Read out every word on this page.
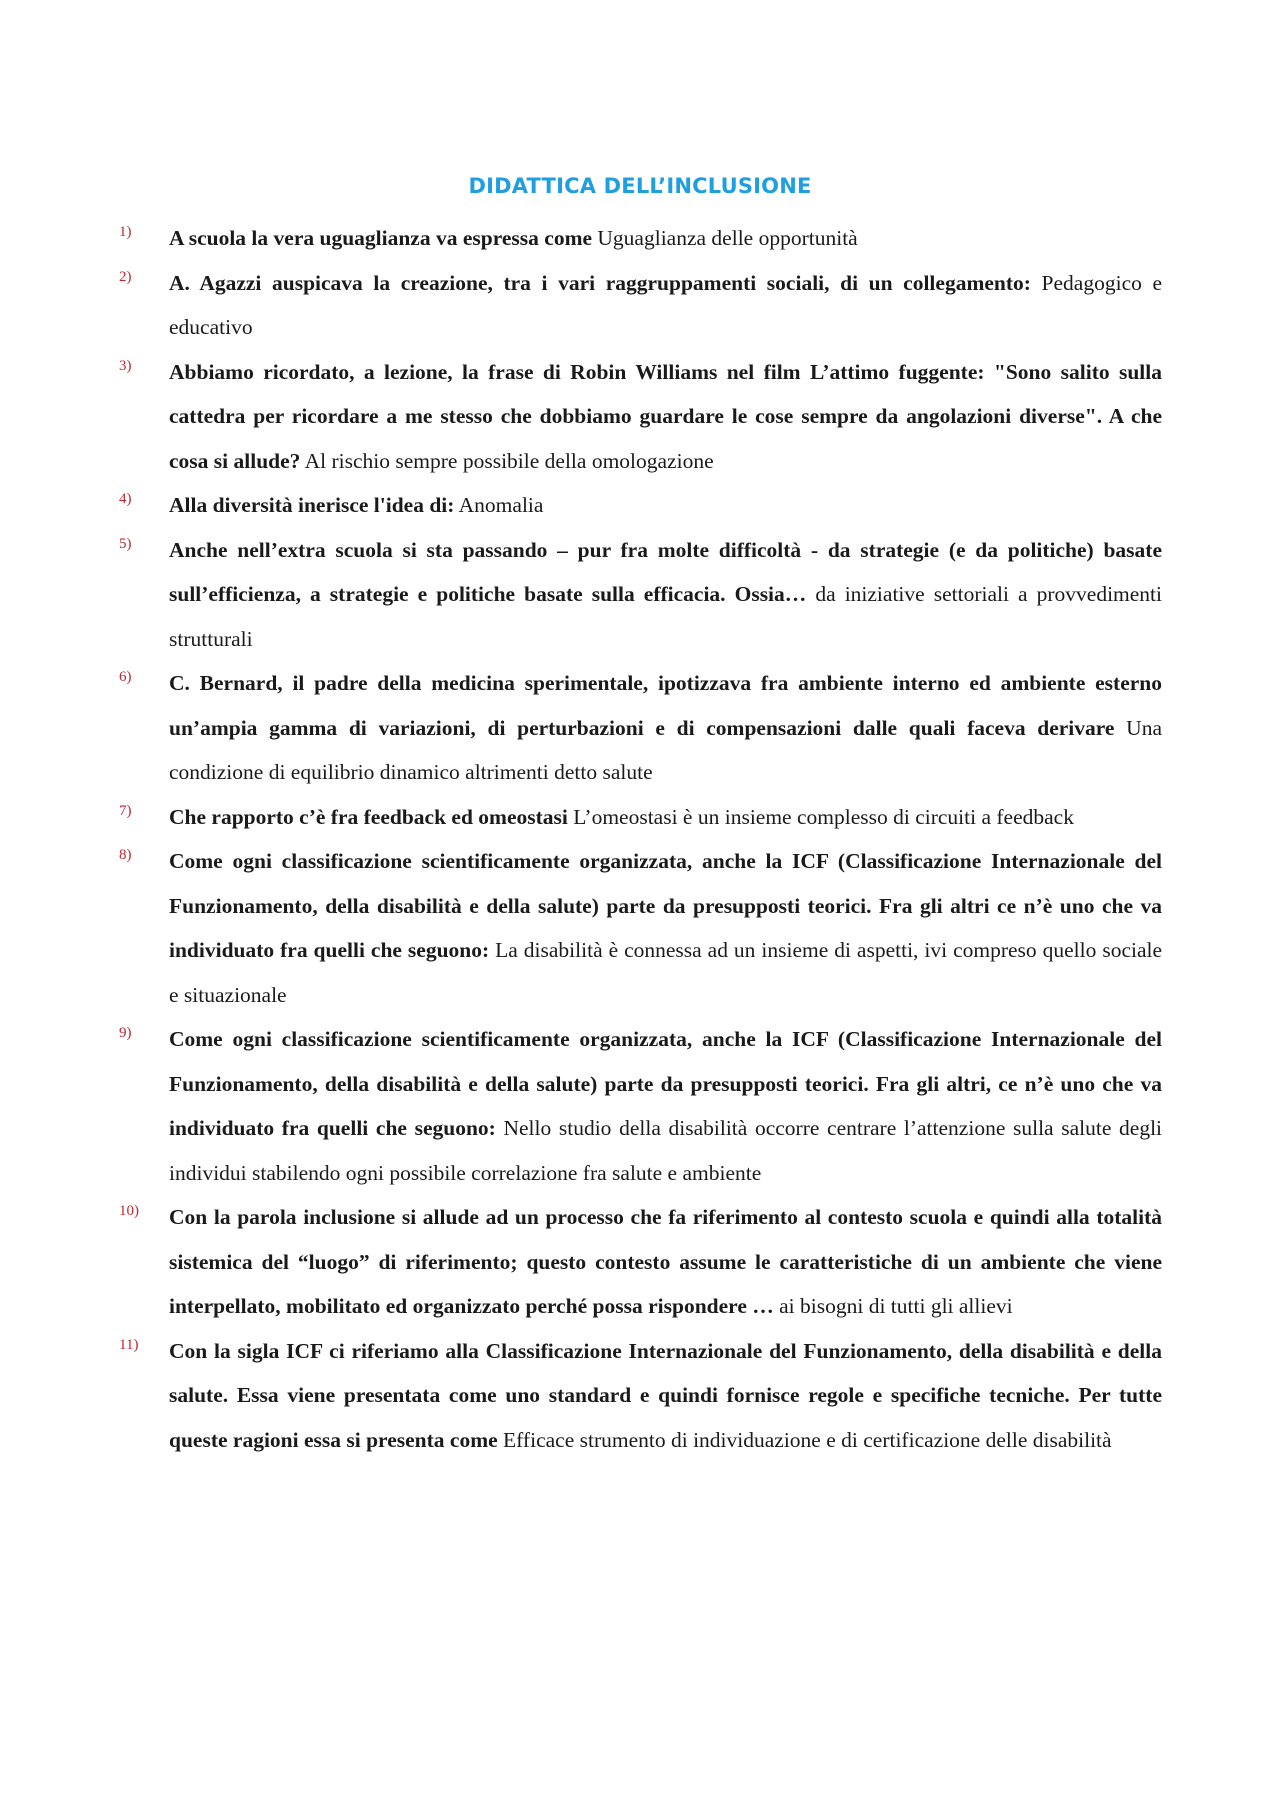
DIDATTICA DELL’INCLUSIONE
1) A scuola la vera uguaglianza va espressa come Uguaglianza delle opportunità
2) A. Agazzi auspicava la creazione, tra i vari raggruppamenti sociali, di un collegamento: Pedagogico e educativo
3) Abbiamo ricordato, a lezione, la frase di Robin Williams nel film L’attimo fuggente: "Sono salito sulla cattedra per ricordare a me stesso che dobbiamo guardare le cose sempre da angolazioni diverse". A che cosa si allude? Al rischio sempre possibile della omologazione
4) Alla diversità inerisce l'idea di: Anomalia
5) Anche nell’extra scuola si sta passando – pur fra molte difficoltà - da strategie (e da politiche) basate sull’efficienza, a strategie e politiche basate sulla efficacia. Ossia… da iniziative settoriali a provvedimenti strutturali
6) C. Bernard, il padre della medicina sperimentale, ipotizzava fra ambiente interno ed ambiente esterno un’ampia gamma di variazioni, di perturbazioni e di compensazioni dalle quali faceva derivare Una condizione di equilibrio dinamico altrimenti detto salute
7) Che rapporto c’è fra feedback ed omeostasi L’omeostasi è un insieme complesso di circuiti a feedback
8) Come ogni classificazione scientificamente organizzata, anche la ICF (Classificazione Internazionale del Funzionamento, della disabilità e della salute) parte da presupposti teorici. Fra gli altri ce n’è uno che va individuato fra quelli che seguono: La disabilità è connessa ad un insieme di aspetti, ivi compreso quello sociale e situazionale
9) Come ogni classificazione scientificamente organizzata, anche la ICF (Classificazione Internazionale del Funzionamento, della disabilità e della salute) parte da presupposti teorici. Fra gli altri, ce n’è uno che va individuato fra quelli che seguono: Nello studio della disabilità occorre centrare l’attenzione sulla salute degli individui stabilendo ogni possibile correlazione fra salute e ambiente
10) Con la parola inclusione si allude ad un processo che fa riferimento al contesto scuola e quindi alla totalità sistemica del “luogo” di riferimento; questo contesto assume le caratteristiche di un ambiente che viene interpellato, mobilitato ed organizzato perché possa rispondere … ai bisogni di tutti gli allievi
11) Con la sigla ICF ci riferiamo alla Classificazione Internazionale del Funzionamento, della disabilità e della salute. Essa viene presentata come uno standard e quindi fornisce regole e specifiche tecniche. Per tutte queste ragioni essa si presenta come Efficace strumento di individuazione e di certificazione delle disabilità
